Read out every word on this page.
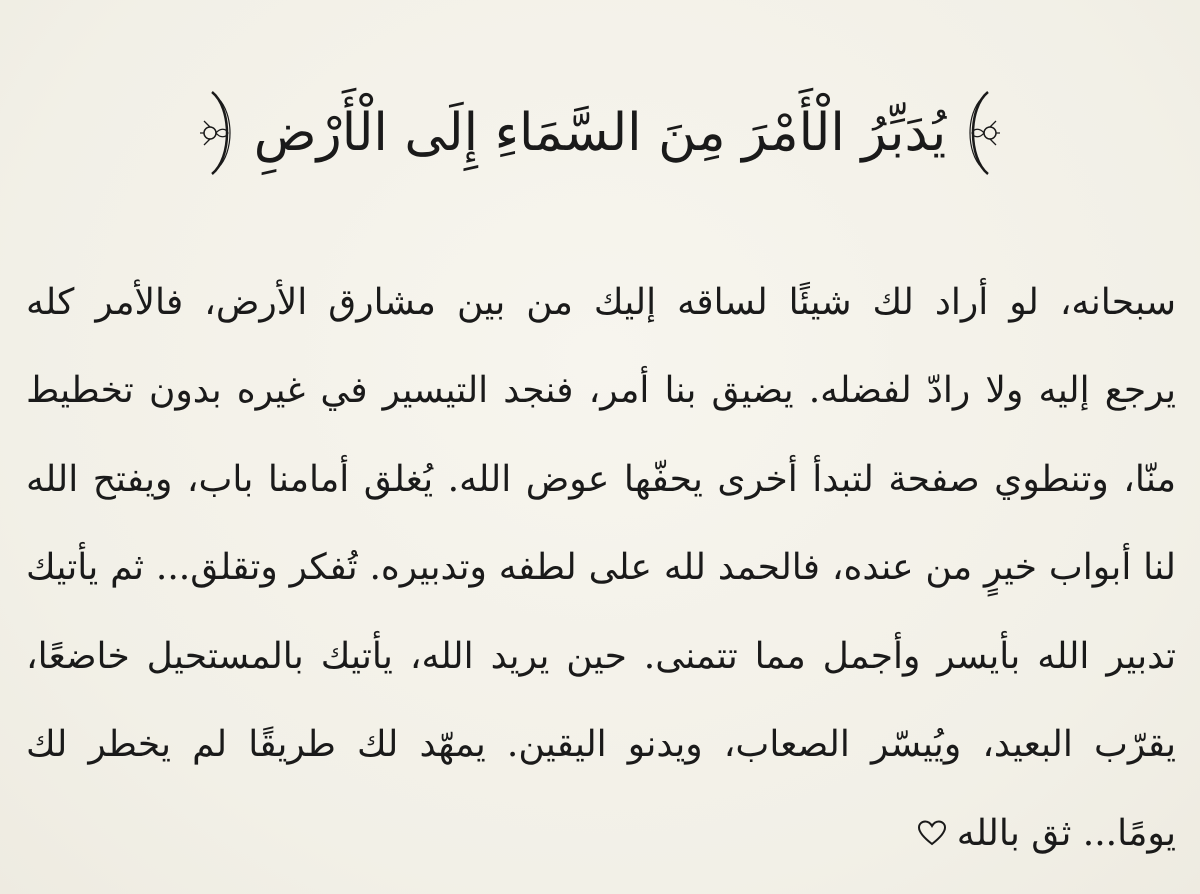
يُدَبِّرُ الْأَمْرَ مِنَ السَّمَاءِ إِلَى الْأَرْضِ
سبحانه، لو أراد لك شيئًا لساقه إليك من بين مشارق الأرض، فالأمر كله
يرجع إليه ولا رادّ لفضله. يضيق بنا أمر، فنجد التيسير في غيره بدون تخطيط
منّا، وتنطوي صفحة لتبدأ أخرى يحفّها عوض الله. يُغلق أمامنا باب، ويفتح الله
لنا أبواب خيرٍ من عنده، فالحمد لله على لطفه وتدبيره. تُفكر وتقلق... ثم يأتيك
تدبير الله بأيسر وأجمل مما تتمنى. حين يريد الله، يأتيك بالمستحيل خاضعًا،
يقرّب البعيد، ويُيسّر الصعاب، ويدنو اليقين. يمهّد لك طريقًا لم يخطر لك
يومًا... ثق بالله
